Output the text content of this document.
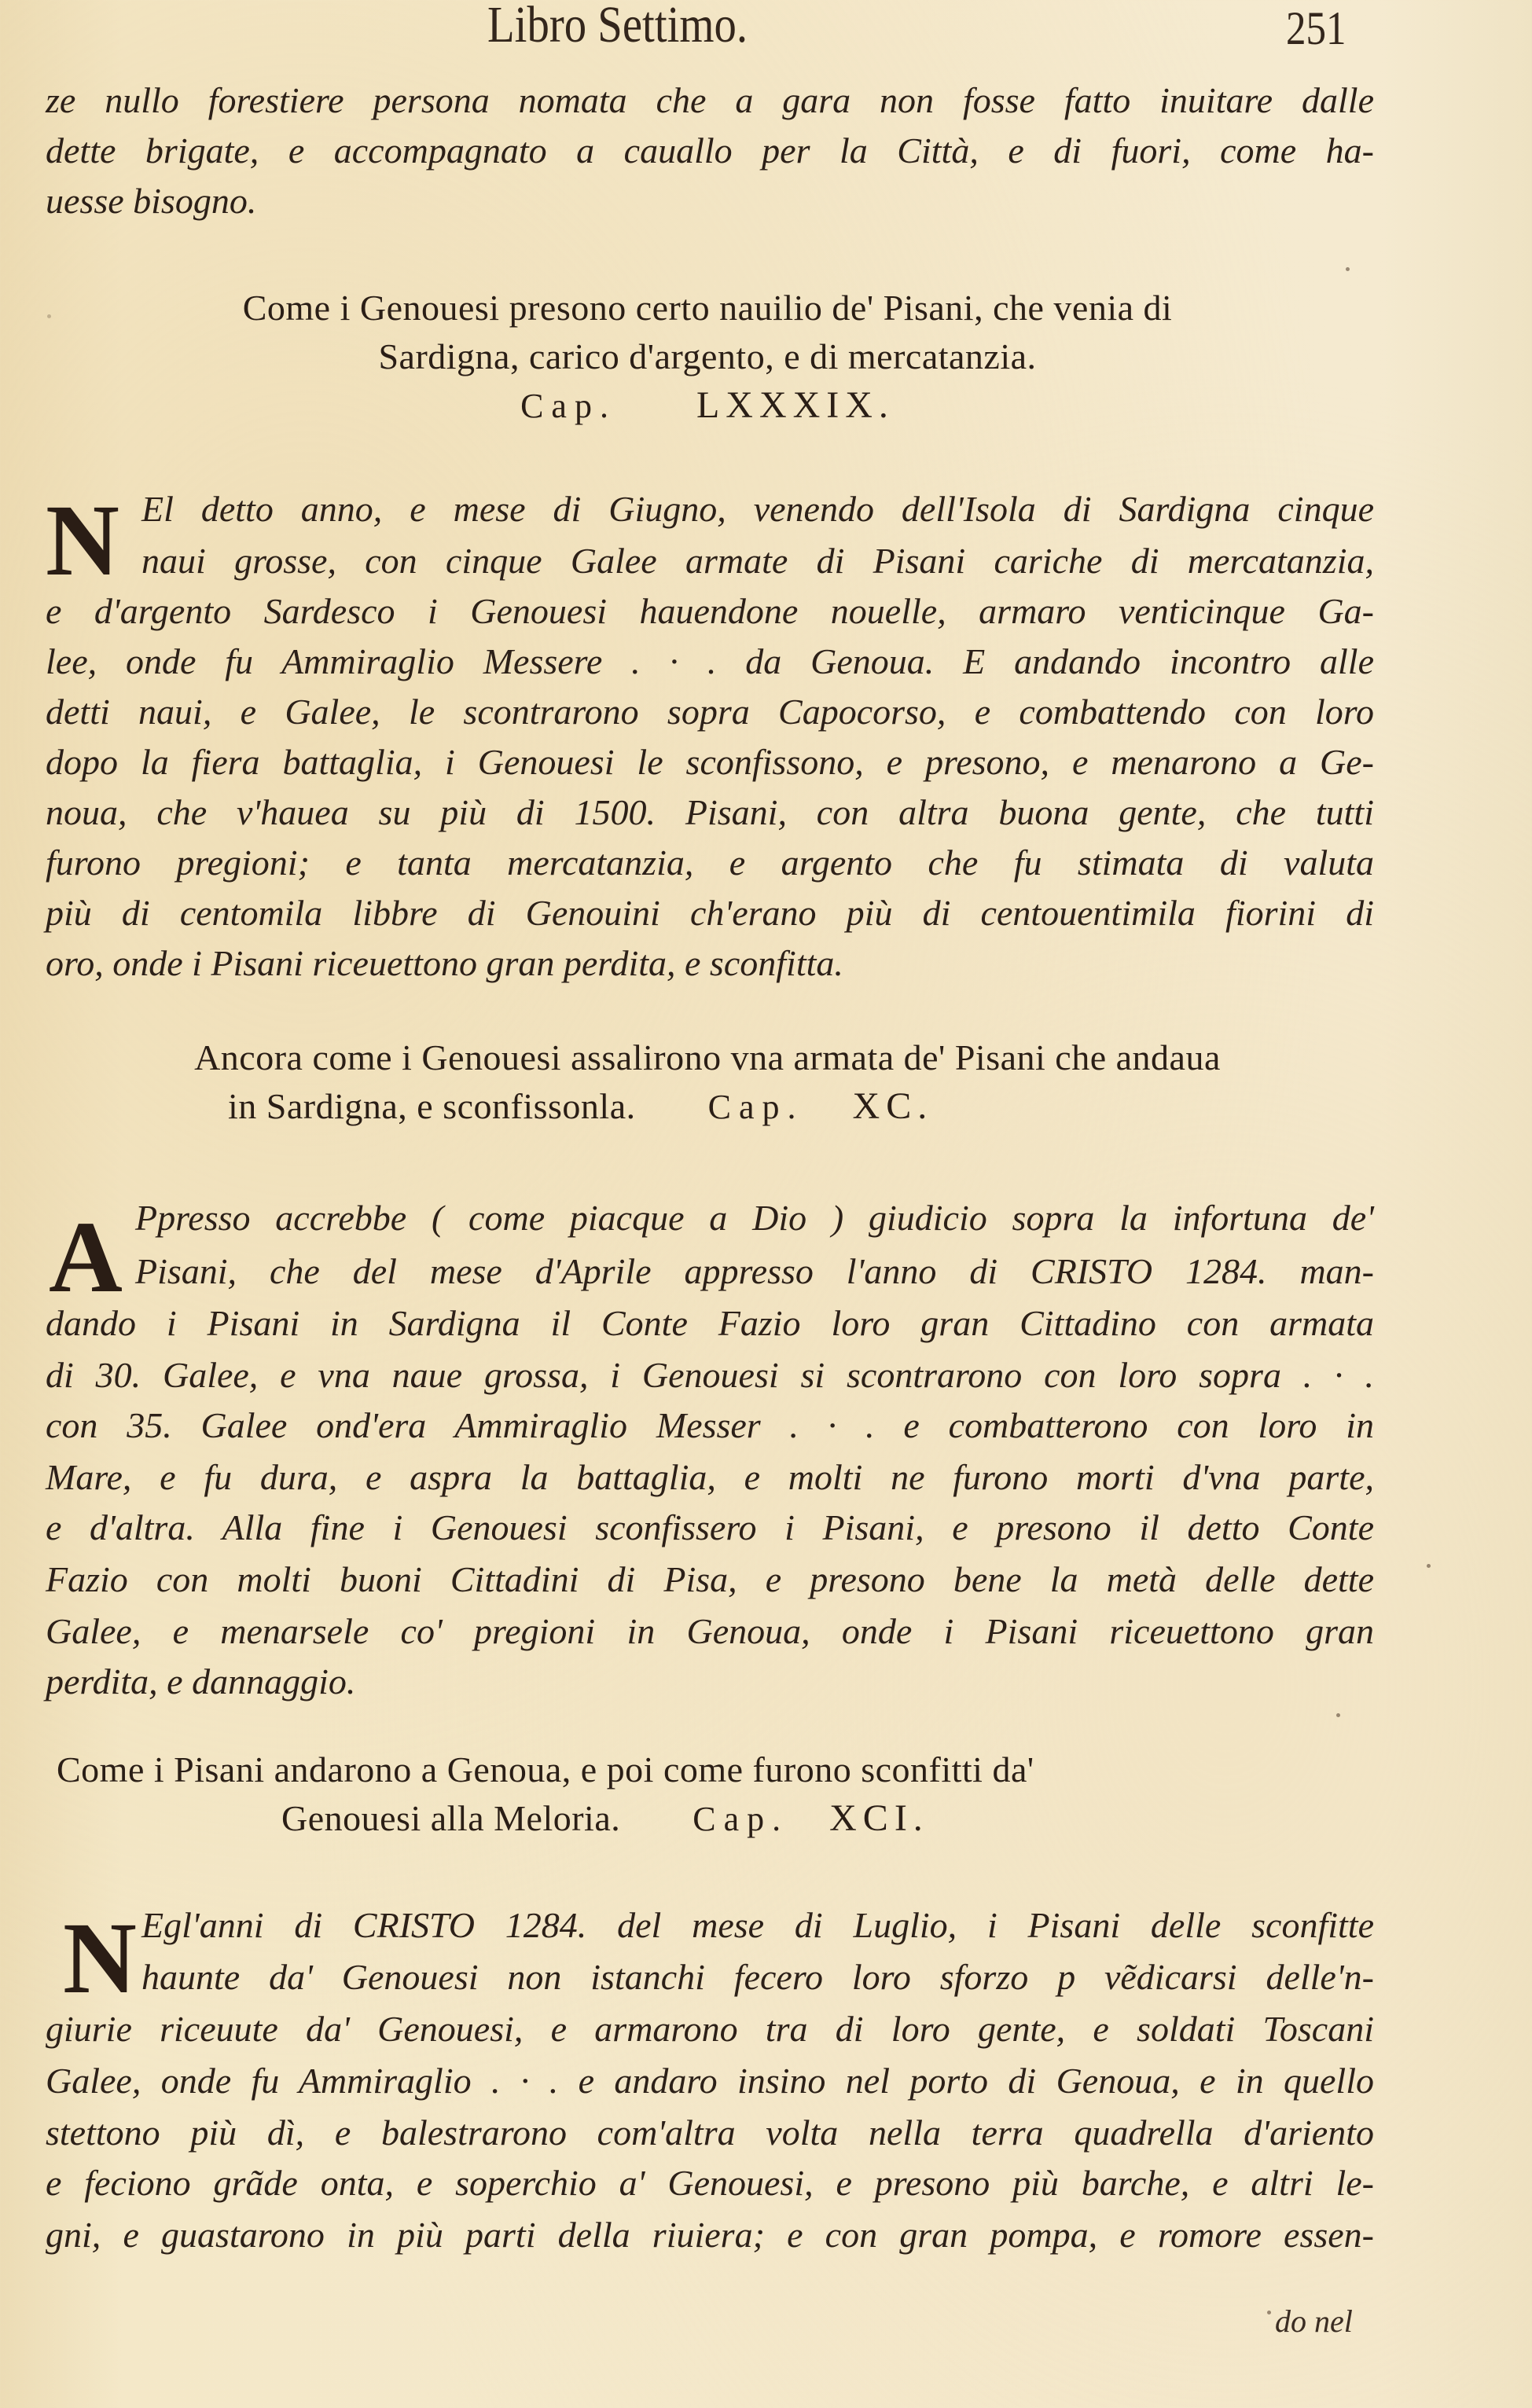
Libro Settimo.	251
ze nullo forestiere persona nomata che a gara non fosse fatto inuitare dalle
dette brigate, e accompagnato a cauallo per la Città, e di fuori, come ha-
uesse bisogno.
Come i Genouesi presono certo nauilio de' Pisani, che venia di
Sardigna, carico d'argento, e di mercatanzia.
Cap. LXXXIX.
N El detto anno, e mese di Giugno, venendo dell'Isola di Sardigna cinque
naui grosse, con cinque Galee armate di Pisani cariche di mercatanzia,
e d'argento Sardesco i Genouesi hauendone nouelle, armaro venticinque Ga-
lee, onde fu Ammiraglio Messere . · . da Genoua. E andando incontro alle
detti naui, e Galee, le scontrarono sopra Capocorso, e combattendo con loro
dopo la fiera battaglia, i Genouesi le sconfissono, e presono, e menarono a Ge-
noua, che v'hauea su più di 1500. Pisani, con altra buona gente, che tutti
furono pregioni; e tanta mercatanzia, e argento che fu stimata di valuta
più di centomila libbre di Genouini ch'erano più di centouentimila fiorini di
oro, onde i Pisani riceuettono gran perdita, e sconfitta.
Ancora come i Genouesi assalirono vna armata de' Pisani che andaua
in Sardigna, e sconfissonla. Cap. XC.
A Ppresso accrebbe ( come piacque a Dio ) giudicio sopra la infortuna de'
Pisani, che del mese d'Aprile appresso l'anno di CRISTO 1284. man-
dando i Pisani in Sardigna il Conte Fazio loro gran Cittadino con armata
di 30. Galee, e vna naue grossa, i Genouesi si scontrarono con loro sopra . · .
con 35. Galee ond'era Ammiraglio Messer . · . e combatterono con loro in
Mare, e fu dura, e aspra la battaglia, e molti ne furono morti d'vna parte,
e d'altra. Alla fine i Genouesi sconfissero i Pisani, e presono il detto Conte
Fazio con molti buoni Cittadini di Pisa, e presono bene la metà delle dette
Galee, e menarsele co' pregioni in Genoua, onde i Pisani riceuettono gran
perdita, e dannaggio.
Come i Pisani andarono a Genoua, e poi come furono sconfitti da'
Genouesi alla Meloria. Cap. XCI.
N Egl'anni di CRISTO 1284. del mese di Luglio, i Pisani delle sconfitte
haunte da' Genouesi non istanchi fecero loro sforzo p vẽdicarsi delle'n-
giurie riceuute da' Genouesi, e armarono tra di loro gente, e soldati Toscani
Galee, onde fu Ammiraglio . · . e andaro insino nel porto di Genoua, e in quello
stettono più dì, e balestrarono com'altra volta nella terra quadrella d'ariento
e feciono grãde onta, e soperchio a' Genouesi, e presono più barche, e altri le-
gni, e guastarono in più parti della riuiera; e con gran pompa, e romore essen-
do nel
